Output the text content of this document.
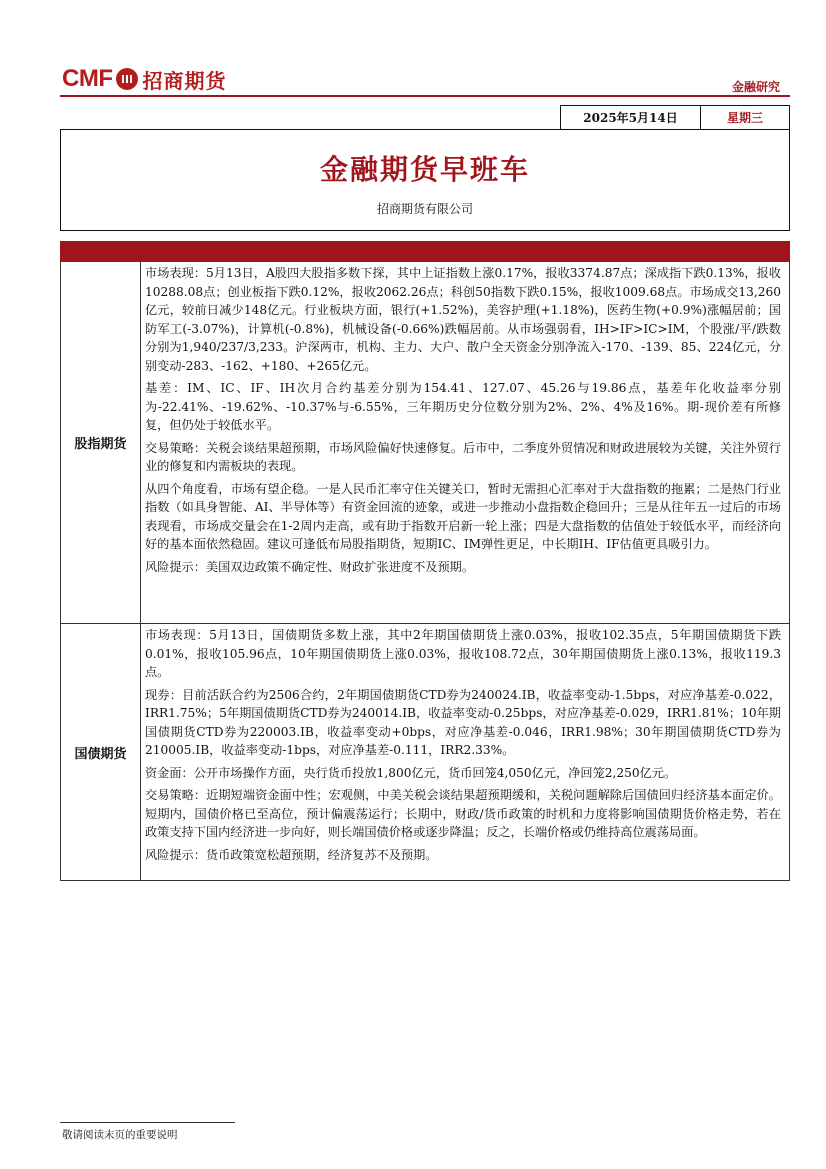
CMF 招商期货	金融研究
2025年5月14日	星期三
金融期货早班车
招商期货有限公司
股指期货

市场表现：5月13日，A股四大股指多数下探，其中上证指数上涨0.17%，报收3374.87点；深成指下跌0.13%，报收10288.08点；创业板指下跌0.12%，报收2062.26点；科创50指数下跌0.15%，报收1009.68点。市场成交13,260亿元，较前日减少148亿元。行业板块方面，银行(+1.52%)，美容护理(+1.18%)，医药生物(+0.9%)涨幅居前；国防军工(-3.07%)，计算机(-0.8%)，机械设备(-0.66%)跌幅居前。从市场强弱看，IH>IF>IC>IM，个股涨/平/跌数分别为1,940/237/3,233。沪深两市，机构、主力、大户、散户全天资金分别净流入-170、-139、85、224亿元，分别变动-283、-162、+180、+265亿元。

基差：IM、IC、IF、IH次月合约基差分别为154.41、127.07、45.26与19.86点，基差年化收益率分别为-22.41%、-19.62%、-10.37%与-6.55%，三年期历史分位数分别为2%、2%、4%及16%。期-现价差有所修复，但仍处于较低水平。

交易策略：关税会谈结果超预期，市场风险偏好快速修复。后市中，二季度外贸情况和财政进展较为关键，关注外贸行业的修复和内需板块的表现。

从四个角度看，市场有望企稳。一是人民币汇率守住关键关口，暂时无需担心汇率对于大盘指数的拖累；二是热门行业指数（如具身智能、AI、半导体等）有资金回流的迹象，或进一步推动小盘指数企稳回升；三是从往年五一过后的市场表现看，市场成交量会在1-2周内走高，或有助于指数开启新一轮上涨；四是大盘指数的估值处于较低水平，而经济向好的基本面依然稳固。建议可逢低布局股指期货，短期IC、IM弹性更足，中长期IH、IF估值更具吸引力。

风险提示：美国双边政策不确定性、财政扩张进度不及预期。

国债期货

市场表现：5月13日，国债期货多数上涨，其中2年期国债期货上涨0.03%，报收102.35点，5年期国债期货下跌0.01%，报收105.96点，10年期国债期货上涨0.03%，报收108.72点，30年期国债期货上涨0.13%，报收119.3点。

现券：目前活跃合约为2506合约，2年期国债期货CTD券为240024.IB，收益率变动-1.5bps，对应净基差-0.022，IRR1.75%；5年期国债期货CTD券为240014.IB，收益率变动-0.25bps，对应净基差-0.029，IRR1.81%；10年期国债期货CTD券为220003.IB，收益率变动+0bps，对应净基差-0.046，IRR1.98%；30年期国债期货CTD券为210005.IB，收益率变动-1bps，对应净基差-0.111，IRR2.33%。

资金面：公开市场操作方面，央行货币投放1,800亿元，货币回笼4,050亿元，净回笼2,250亿元。

交易策略：近期短端资金面中性；宏观侧，中美关税会谈结果超预期缓和，关税问题解除后国债回归经济基本面定价。短期内，国债价格已至高位，预计偏震荡运行；长期中，财政/货币政策的时机和力度将影响国债期货价格走势，若在政策支持下国内经济进一步向好，则长端国债价格或逐步降温；反之，长端价格或仍维持高位震荡局面。

风险提示：货币政策宽松超预期，经济复苏不及预期。

敬请阅读末页的重要说明
